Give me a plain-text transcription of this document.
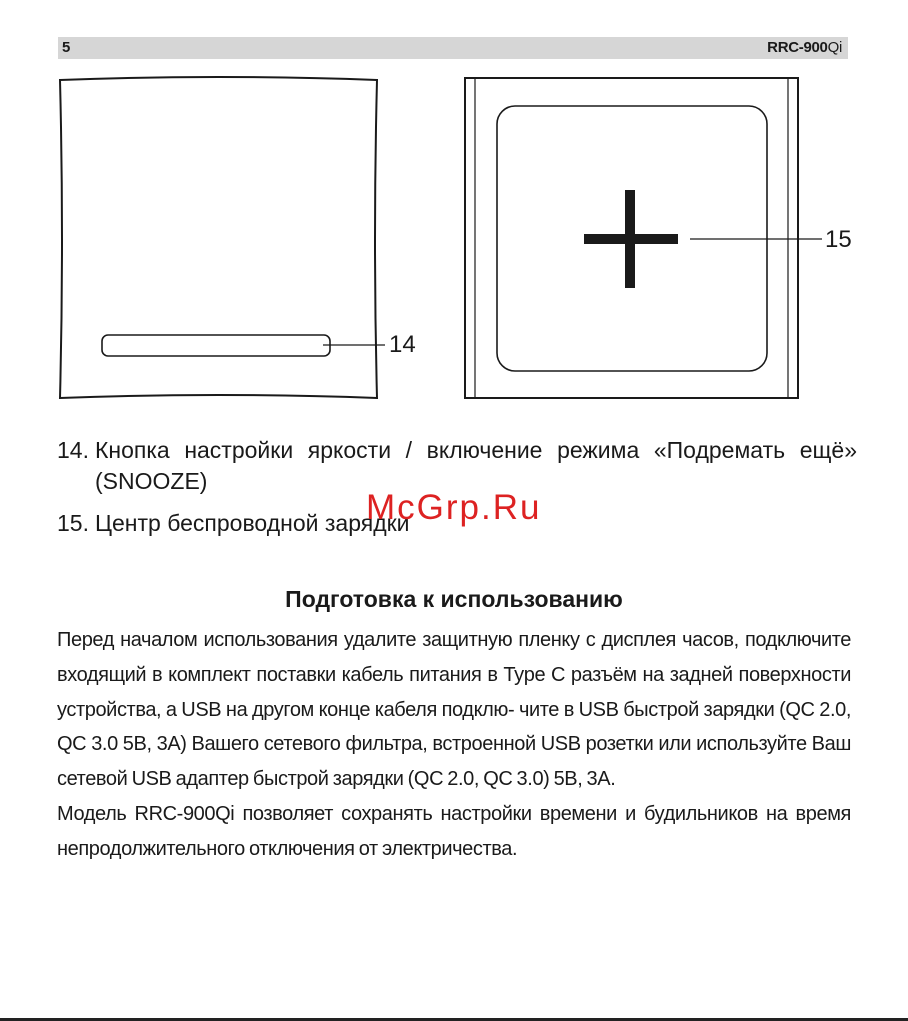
5	RRC-900Qi
14
15
14. Кнопка настройки яркости / включение режима «Подремать ещё»
(SNOOZE)
15. Центр беспроводной зарядки
McGrp.Ru
Подготовка к использованию

Перед началом использования удалите защитную пленку с дисплея часов, подключите входящий в комплект поставки кабель питания в Type C разъём на задней поверхности устройства, а USB на другом конце кабеля подклю- чите в USB быстрой зарядки (QC 2.0, QC 3.0 5В, 3А) Вашего сетевого фильтра, встроенной USB розетки или используйте Ваш сетевой USB адаптер быстрой зарядки (QC 2.0, QC 3.0) 5В, 3А.

Модель RRC-900Qi позволяет сохранять настройки времени и будильников на время непродолжительного отключения от электричества.
